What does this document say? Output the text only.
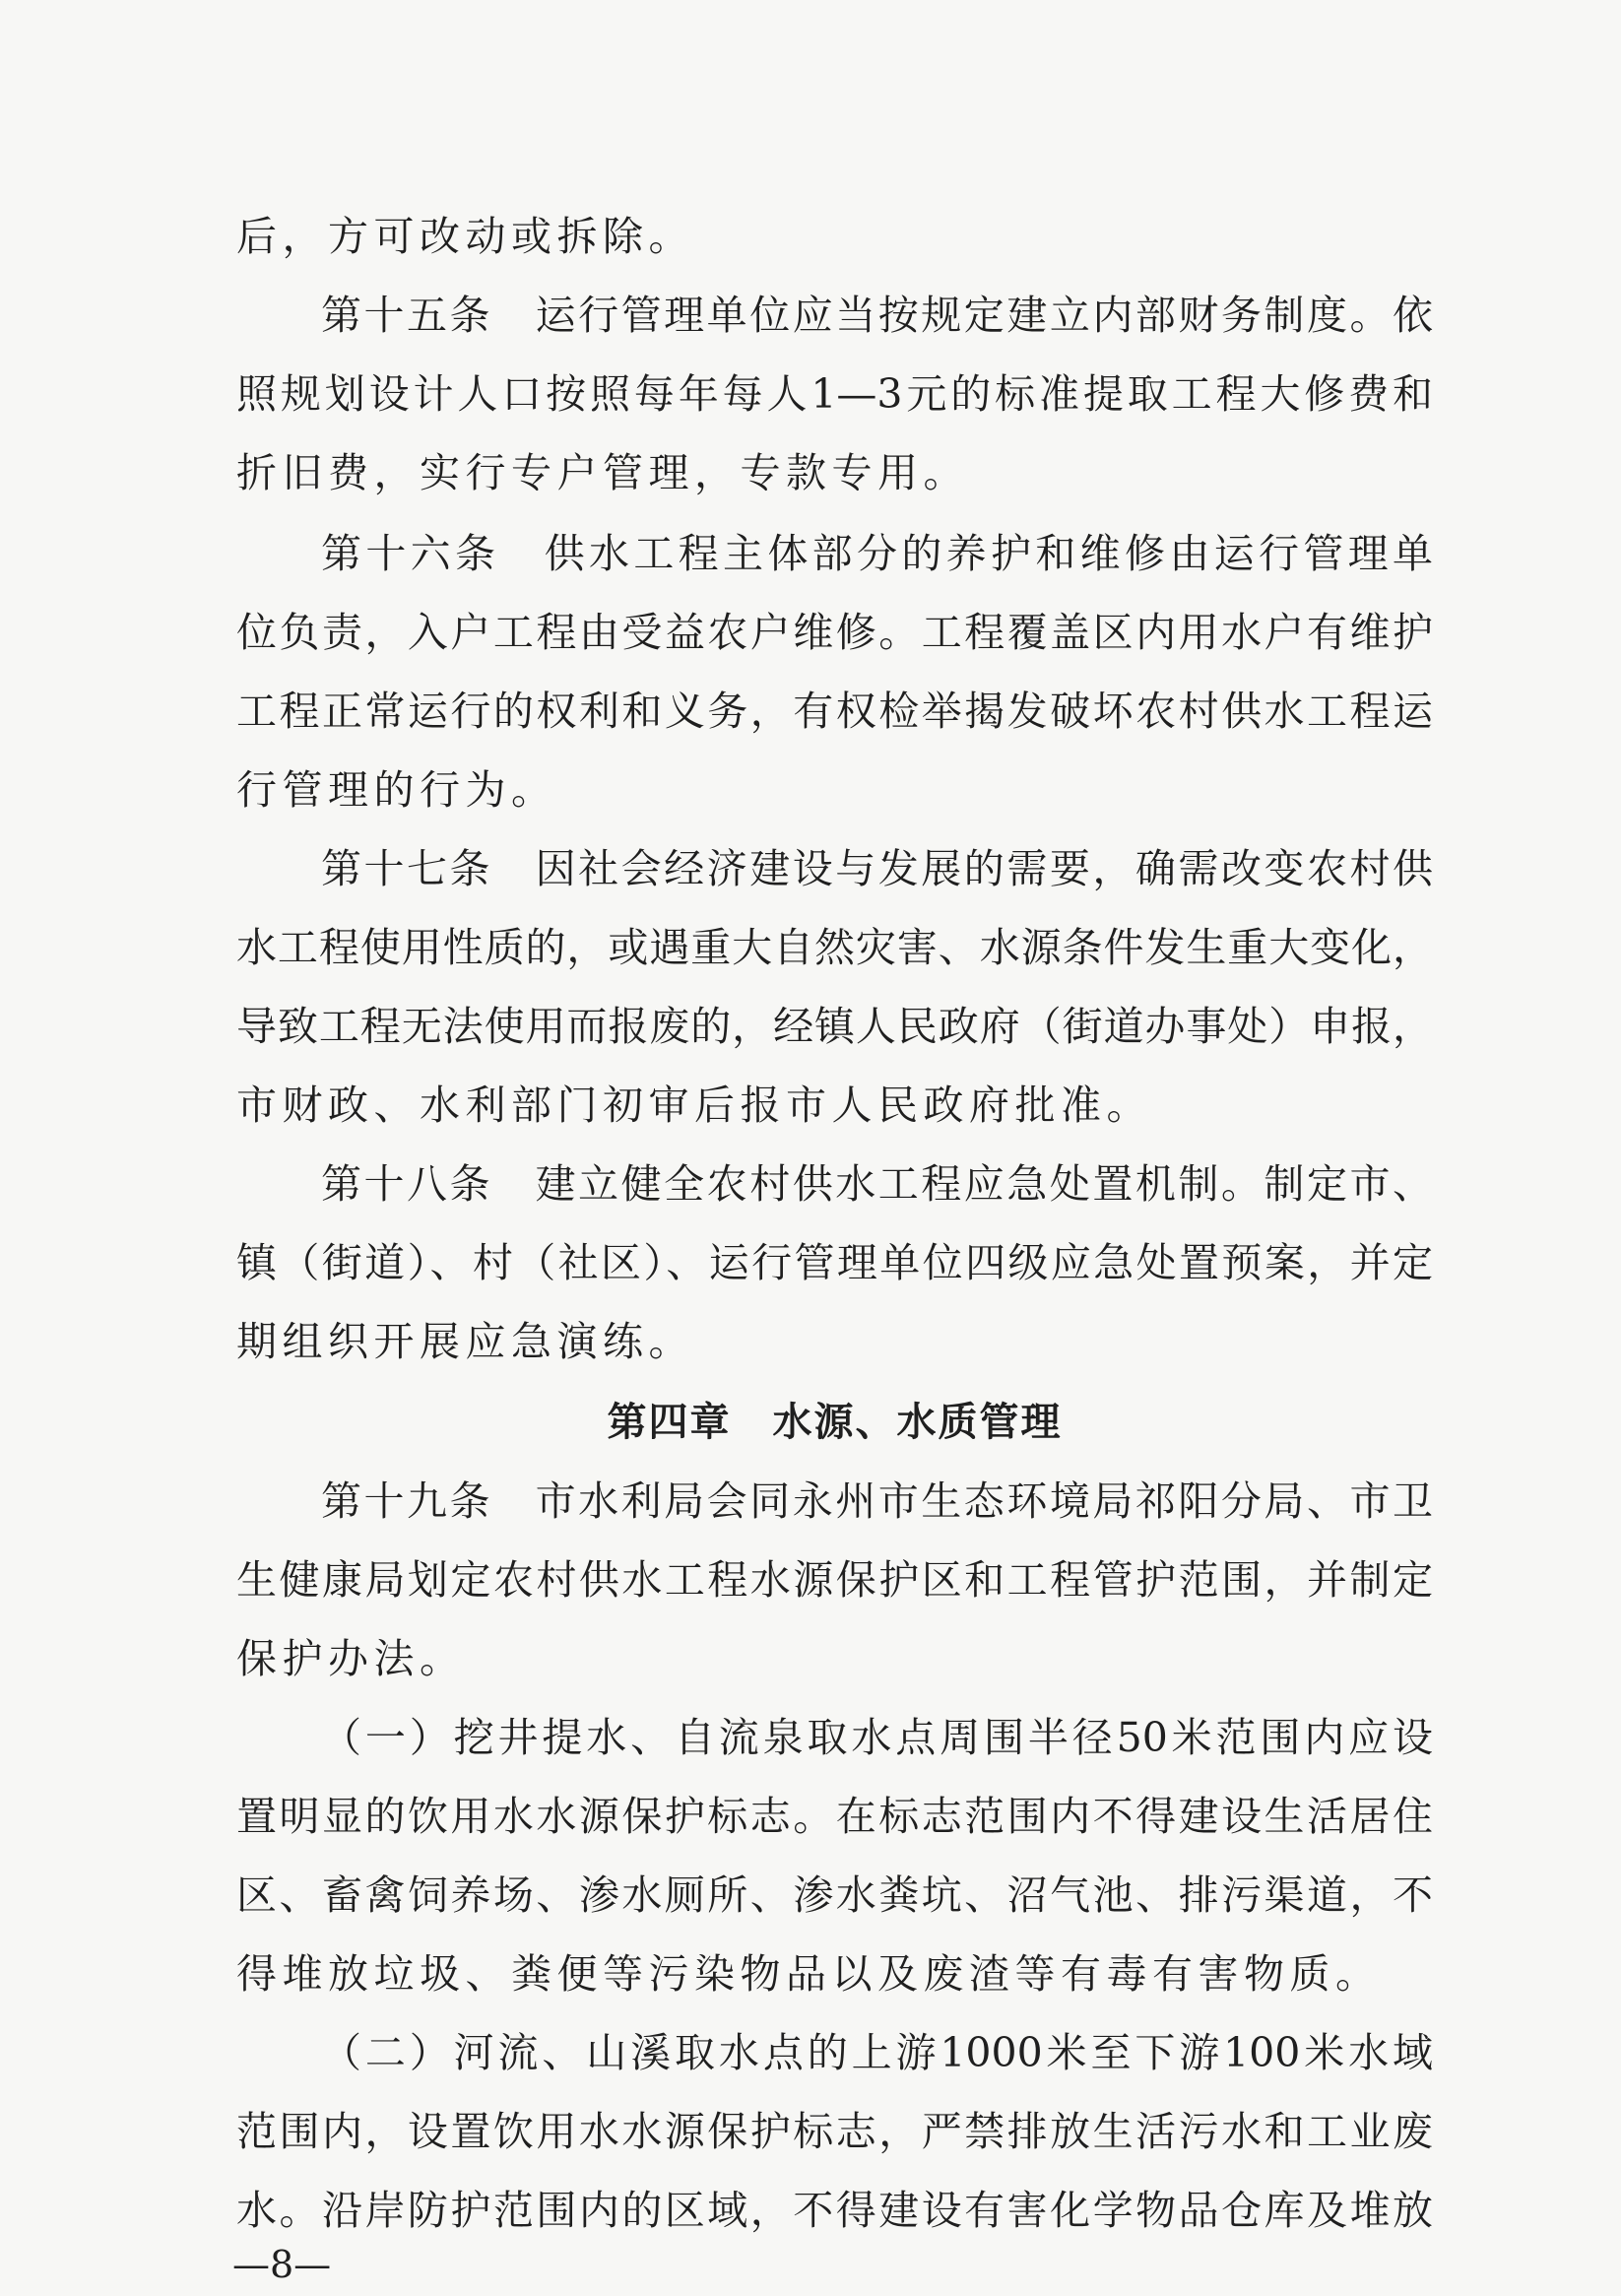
后，方可改动或拆除。
第十五条　运行管理单位应当按规定建立内部财务制度。依
照规划设计人口按照每年每人1—3元的标准提取工程大修费和
折旧费，实行专户管理，专款专用。
第十六条　供水工程主体部分的养护和维修由运行管理单
位负责，入户工程由受益农户维修。工程覆盖区内用水户有维护
工程正常运行的权利和义务，有权检举揭发破坏农村供水工程运
行管理的行为。
第十七条　因社会经济建设与发展的需要，确需改变农村供
水工程使用性质的，或遇重大自然灾害、水源条件发生重大变化，
导致工程无法使用而报废的，经镇人民政府（街道办事处）申报，
市财政、水利部门初审后报市人民政府批准。
第十八条　建立健全农村供水工程应急处置机制。制定市、
镇（街道）、村（社区）、运行管理单位四级应急处置预案，并定
期组织开展应急演练。
第四章　水源、水质管理
第十九条　市水利局会同永州市生态环境局祁阳分局、市卫
生健康局划定农村供水工程水源保护区和工程管护范围，并制定
保护办法。
（一）挖井提水、自流泉取水点周围半径50米范围内应设
置明显的饮用水水源保护标志。在标志范围内不得建设生活居住
区、畜禽饲养场、渗水厕所、渗水粪坑、沼气池、排污渠道，不
得堆放垃圾、粪便等污染物品以及废渣等有毒有害物质。
（二）河流、山溪取水点的上游1000米至下游100米水域
范围内，设置饮用水水源保护标志，严禁排放生活污水和工业废
水。沿岸防护范围内的区域，不得建设有害化学物品仓库及堆放
—8—
